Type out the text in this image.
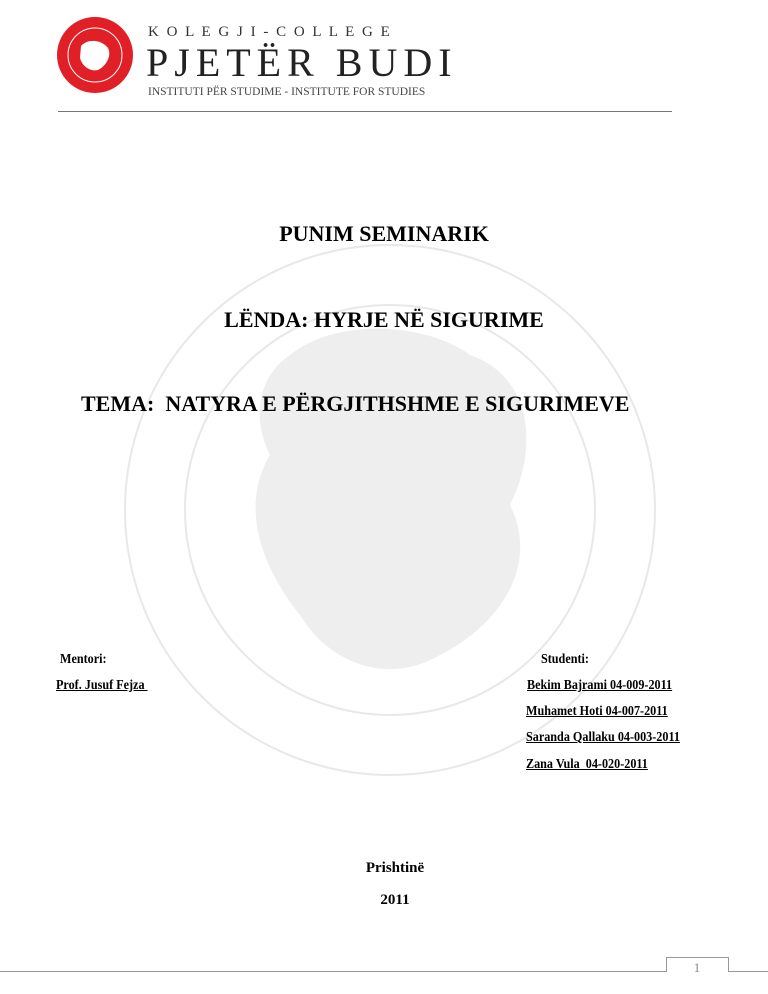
K O L E G J I - C O L L E G E
PJETËR BUDI
INSTITUTI PËR STUDIME - INSTITUTE FOR STUDIES
PUNIM SEMINARIK
LËNDA: HYRJE NË SIGURIME
TEMA:  NATYRA E PËRGJITHSHME E SIGURIMEVE
Mentori:
Prof. Jusuf Fejza
Studenti:
Bekim Bajrami 04-009-2011
Muhamet Hoti 04-007-2011
Saranda Qallaku 04-003-2011
Zana Vula  04-020-2011
Prishtinë
2011
1
